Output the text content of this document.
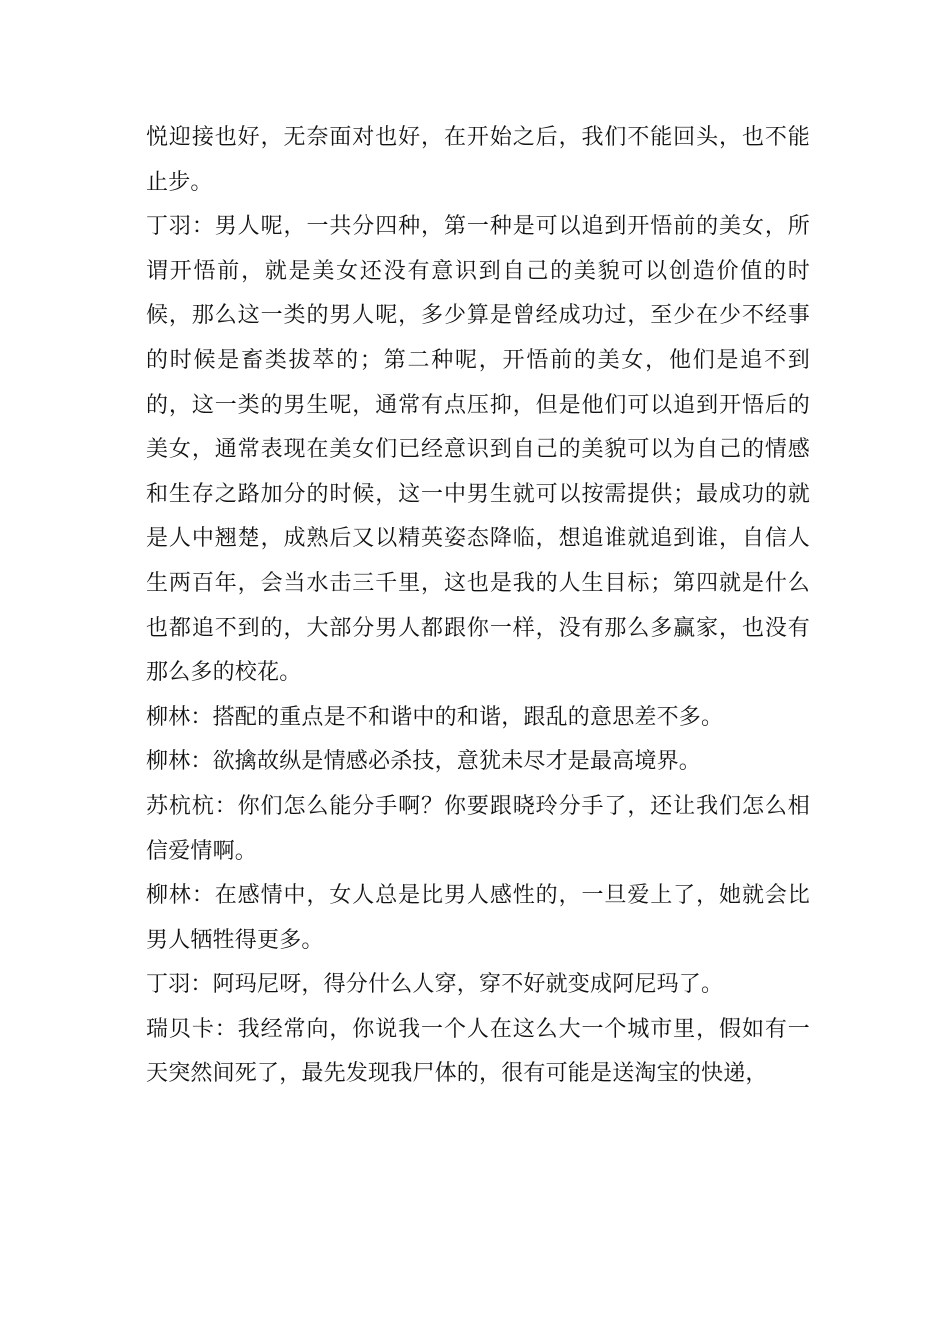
悦迎接也好，无奈面对也好，在开始之后，我们不能回头，也不能止步。

丁羽：男人呢，一共分四种，第一种是可以追到开悟前的美女，所谓开悟前，就是美女还没有意识到自己的美貌可以创造价值的时候，那么这一类的男人呢，多少算是曾经成功过，至少在少不经事的时候是畜类拔萃的；第二种呢，开悟前的美女，他们是追不到的，这一类的男生呢，通常有点压抑，但是他们可以追到开悟后的美女，通常表现在美女们已经意识到自己的美貌可以为自己的情感和生存之路加分的时候，这一中男生就可以按需提供；最成功的就是人中翘楚，成熟后又以精英姿态降临，想追谁就追到谁，自信人生两百年，会当水击三千里，这也是我的人生目标；第四就是什么也都追不到的，大部分男人都跟你一样，没有那么多赢家，也没有那么多的校花。

柳林：搭配的重点是不和谐中的和谐，跟乱的意思差不多。

柳林：欲擒故纵是情感必杀技，意犹未尽才是最高境界。

苏杭杭：你们怎么能分手啊？你要跟晓玲分手了，还让我们怎么相信爱情啊。

柳林：在感情中，女人总是比男人感性的，一旦爱上了，她就会比男人牺牲得更多。

丁羽：阿玛尼呀，得分什么人穿，穿不好就变成阿尼玛了。

瑞贝卡：我经常向，你说我一个人在这么大一个城市里，假如有一天突然间死了，最先发现我尸体的，很有可能是送淘宝的快递，
